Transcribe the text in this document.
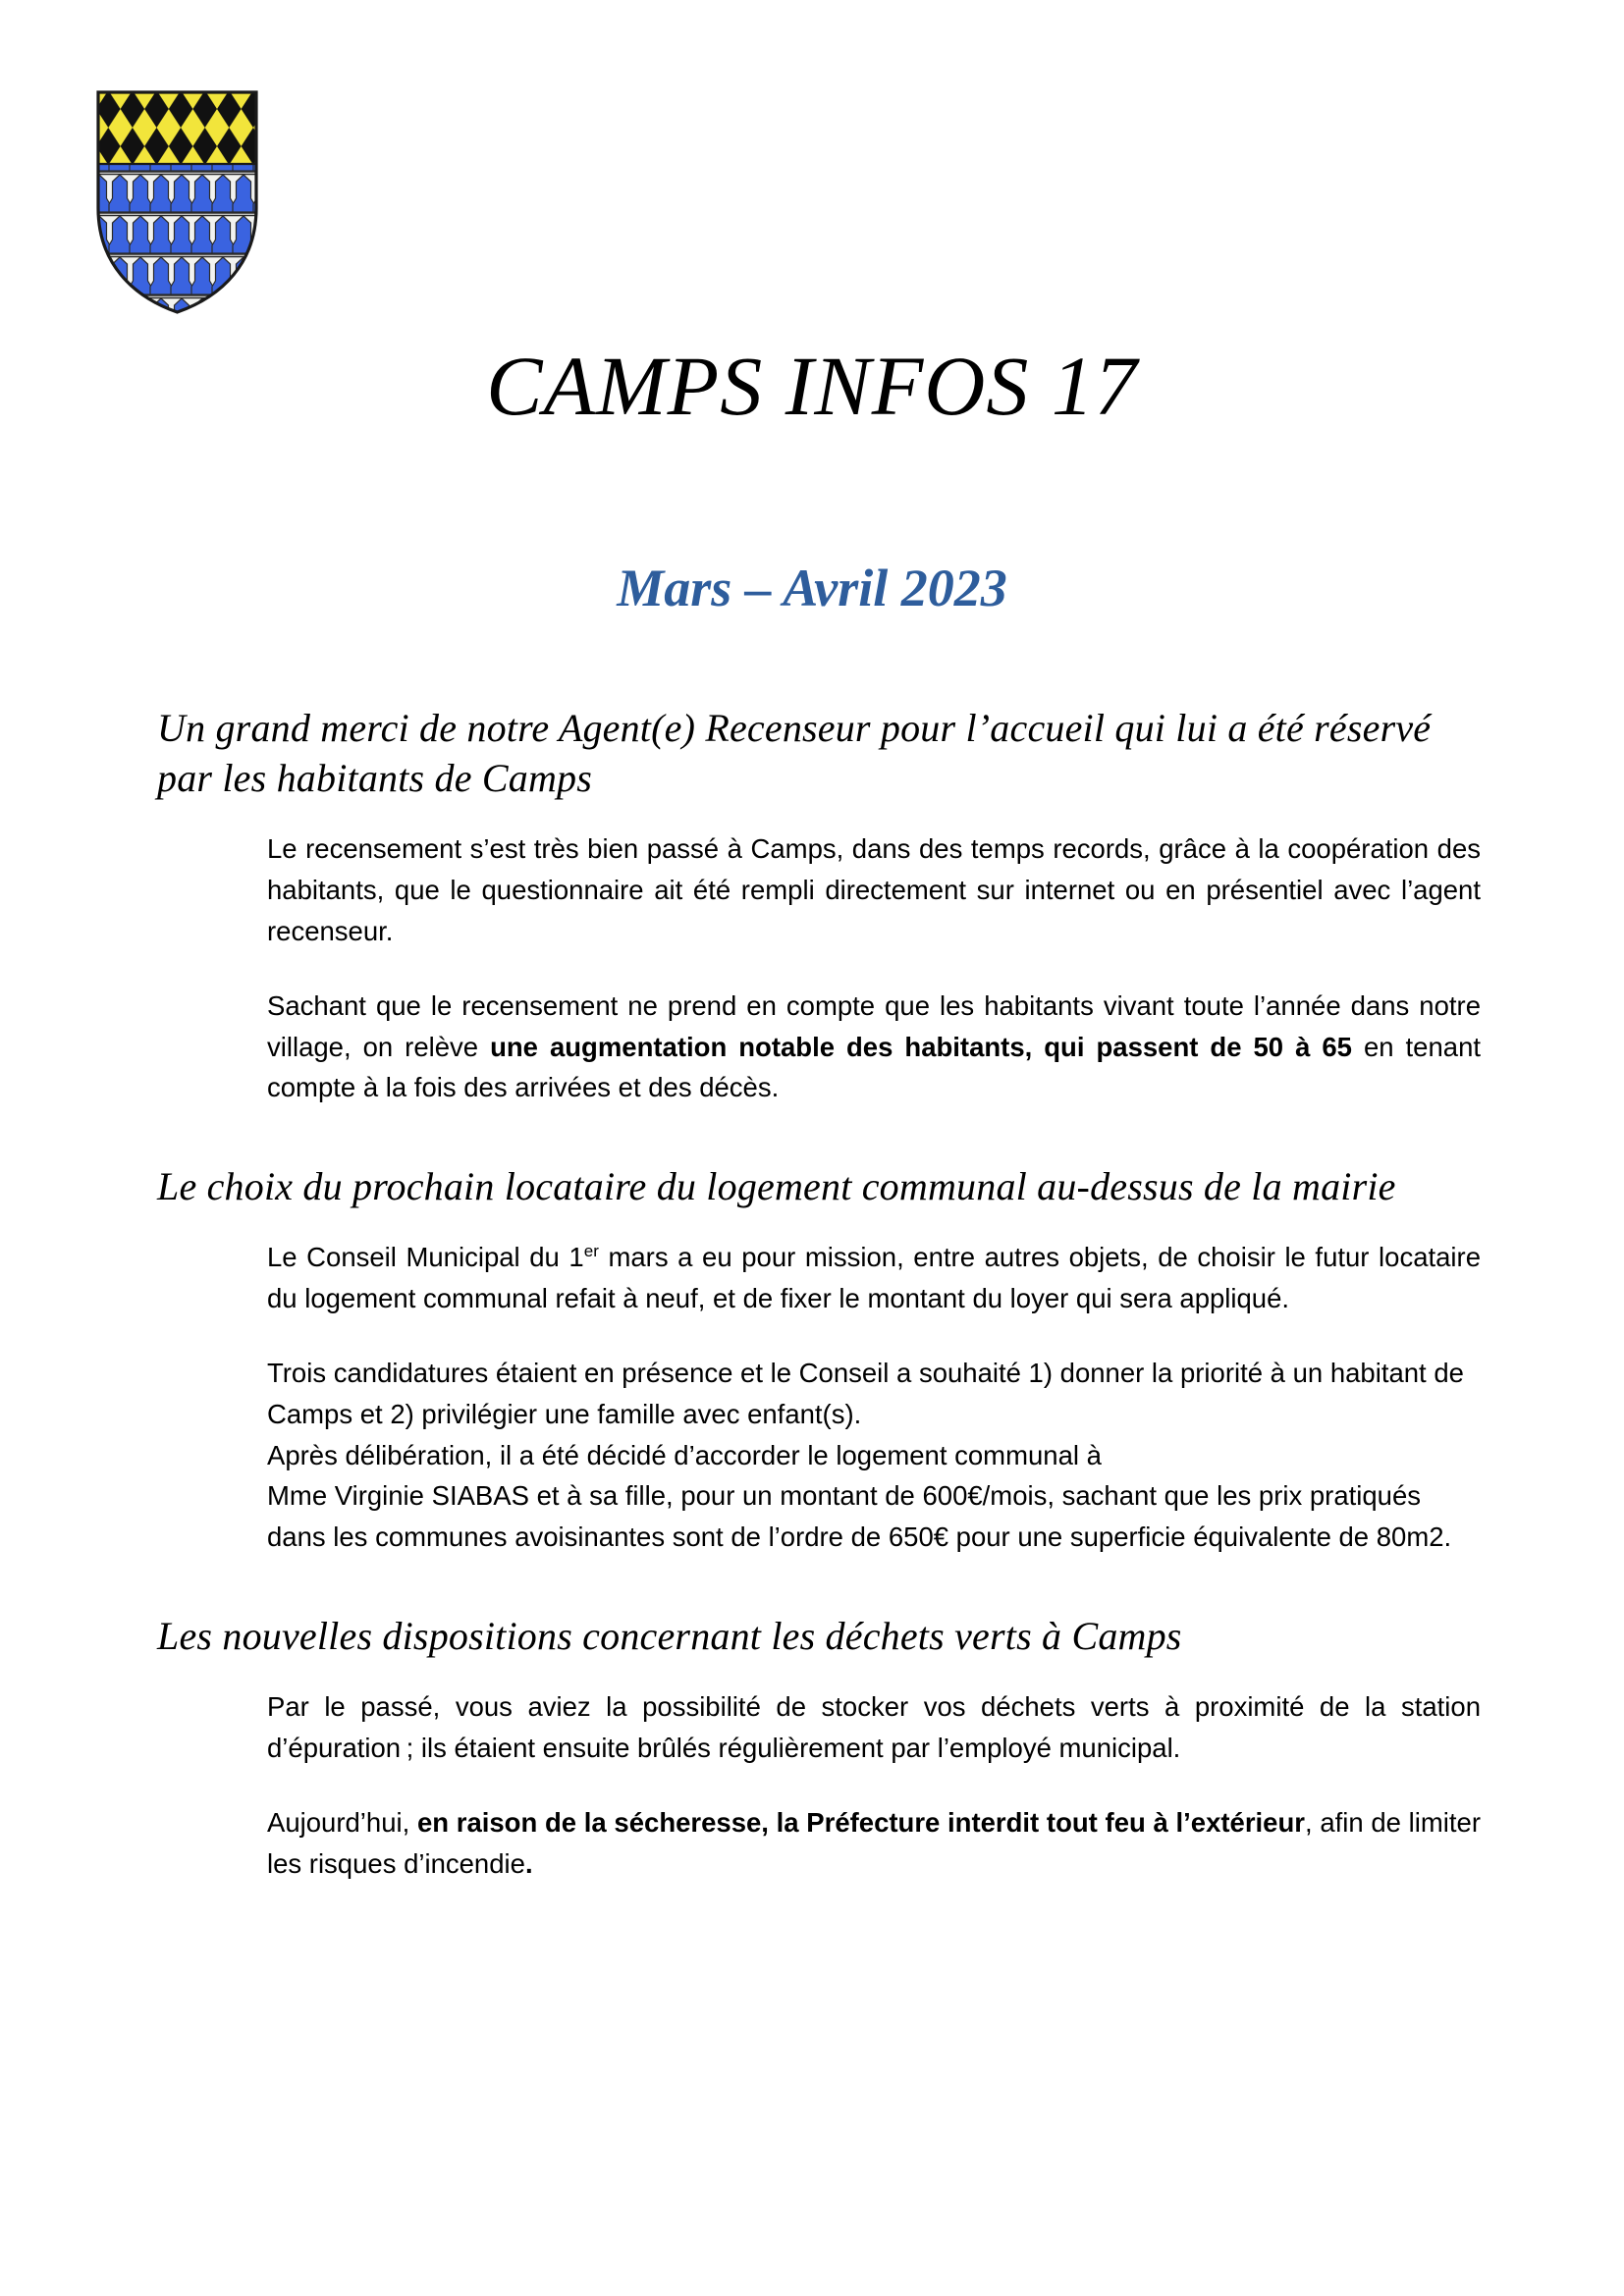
CAMPS INFOS 17
Mars – Avril 2023
Un grand merci de notre Agent(e) Recenseur pour l’accueil qui lui a été réservé par les habitants de Camps

Le recensement s’est très bien passé à Camps, dans des temps records, grâce à la coopération des habitants, que le questionnaire ait été rempli directement sur internet ou en présentiel avec l’agent recenseur.

Sachant que le recensement ne prend en compte que les habitants vivant toute l’année dans notre village, on relève une augmentation notable des habitants, qui passent de 50 à 65 en tenant compte à la fois des arrivées et des décès.

Le choix du prochain locataire du logement communal au-dessus de la mairie

Le Conseil Municipal du 1er mars a eu pour mission, entre autres objets, de choisir le futur locataire du logement communal refait à neuf, et de fixer le montant du loyer qui sera appliqué.

Trois candidatures étaient en présence et le Conseil a souhaité 1) donner la priorité à un habitant de Camps et 2) privilégier une famille avec enfant(s).
Après délibération, il a été décidé d’accorder le logement communal à
Mme Virginie SIABAS et à sa fille, pour un montant de 600€/mois, sachant que les prix pratiqués dans les communes avoisinantes sont de l’ordre de 650€ pour une superficie équivalente de 80m2.

Les nouvelles dispositions concernant les déchets verts à Camps

Par le passé, vous aviez la possibilité de stocker vos déchets verts à proximité de la station d’épuration ; ils étaient ensuite brûlés régulièrement par l’employé municipal.

Aujourd’hui, en raison de la sécheresse, la Préfecture interdit tout feu à l’extérieur, afin de limiter les risques d’incendie.
